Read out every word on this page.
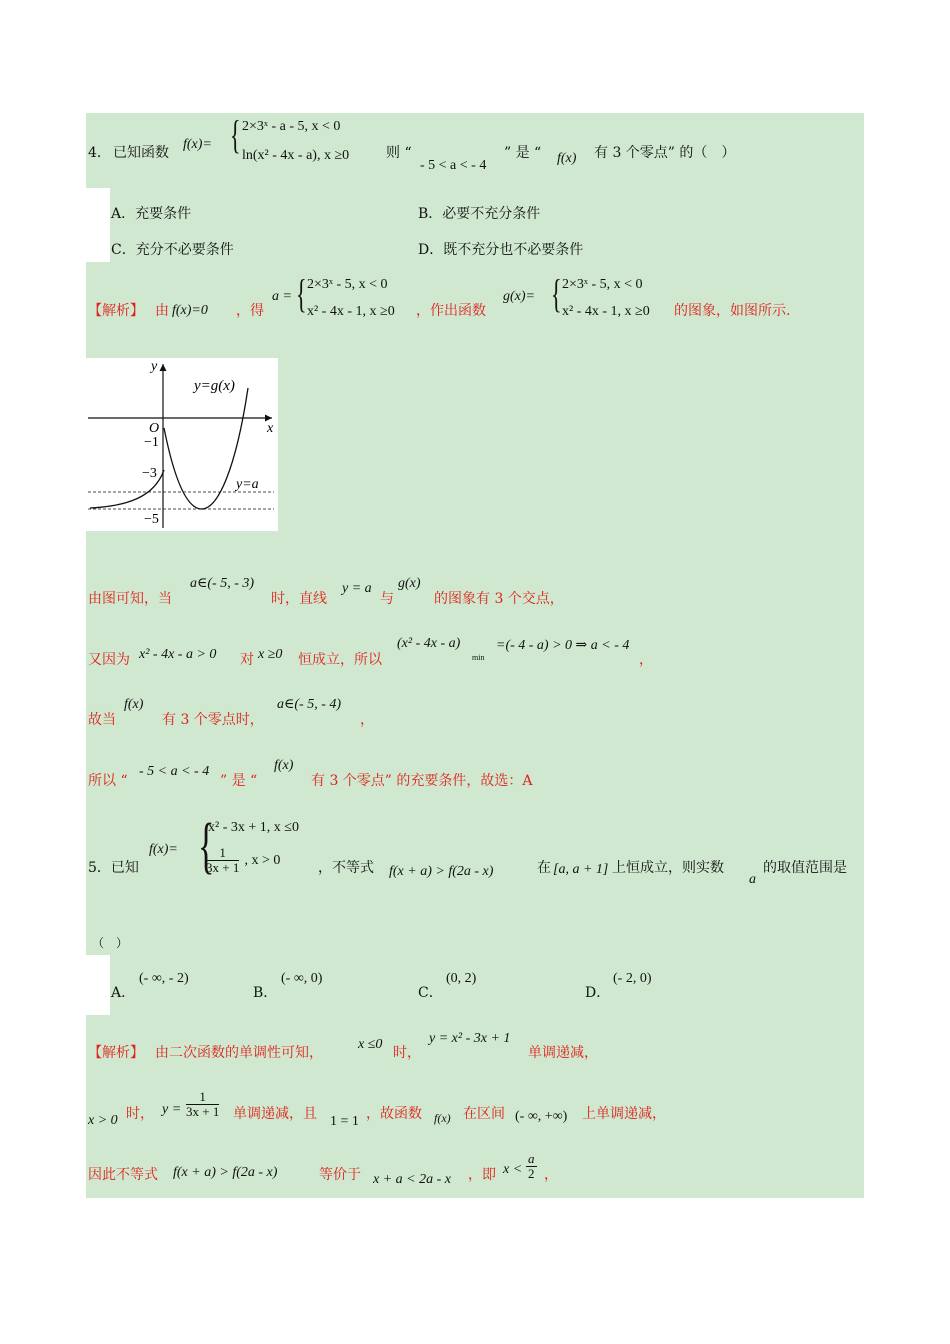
4． 已知函数
f(x)= { 2×3ˣ - a - 5, x < 0
ln(x² - 4x - a), x ≥0	则 “
- 5 < a < - 4
” 是 “ f(x) 有 3 个零点” 的（　）
A．充要条件	B．必要不充分条件
C．充分不必要条件	D．既不充分也不必要条件
【解析】 由 f(x)=0 ，得
a = { 2×3ˣ - 5, x < 0
x² - 4x - 1, x ≥0 ，作出函数
g(x)= { 2×3ˣ - 5, x < 0
x² - 4x - 1, x ≥0 的图象，如图所示.
y
x
O
y=g(x)
y=a
−1
−3
−5
由图可知，当
a∈(- 5, - 3)
时，直线
y = a
与
g(x)
的图象有 3 个交点，
又因为 x² - 4x - a > 0 对 x ≥0 恒成立，所以
(x² - 4x - a)
min
=(- 4 - a) > 0 ⇒ a < - 4
，
故当
f(x)
有 3 个零点时，
a∈(- 5, - 4)
，
所以 “
- 5 < a < - 4
” 是 “
f(x)
有 3 个零点” 的充要条件，故选：A
5．已知
f(x)= {
x² - 3x + 1, x ≤0
$\frac{1}{3x + 1}$ , x > 0	，不等式 f(x + a) > f(2a - x)	在 [a, a + 1] 上恒成立，则实数
a
的取值范围是
（　）
A．
(- ∞, - 2)
B．
(- ∞, 0)
C．
(0, 2)
D．
(- 2, 0)
【解析】 由二次函数的单调性可知，
x ≤0
时，
y = x² - 3x + 1
单调递减，
x > 0 时， $y = \frac{1}{3x + 1}$ 单调递减，且 1 = 1 ，故函数 f(x) 在区间 (- ∞, +∞) 上单调递减，
因此不等式 f(x + a) > f(2a - x)	等价于 x + a < 2a - x ，即 $x < \frac{a}{2}$ ，
